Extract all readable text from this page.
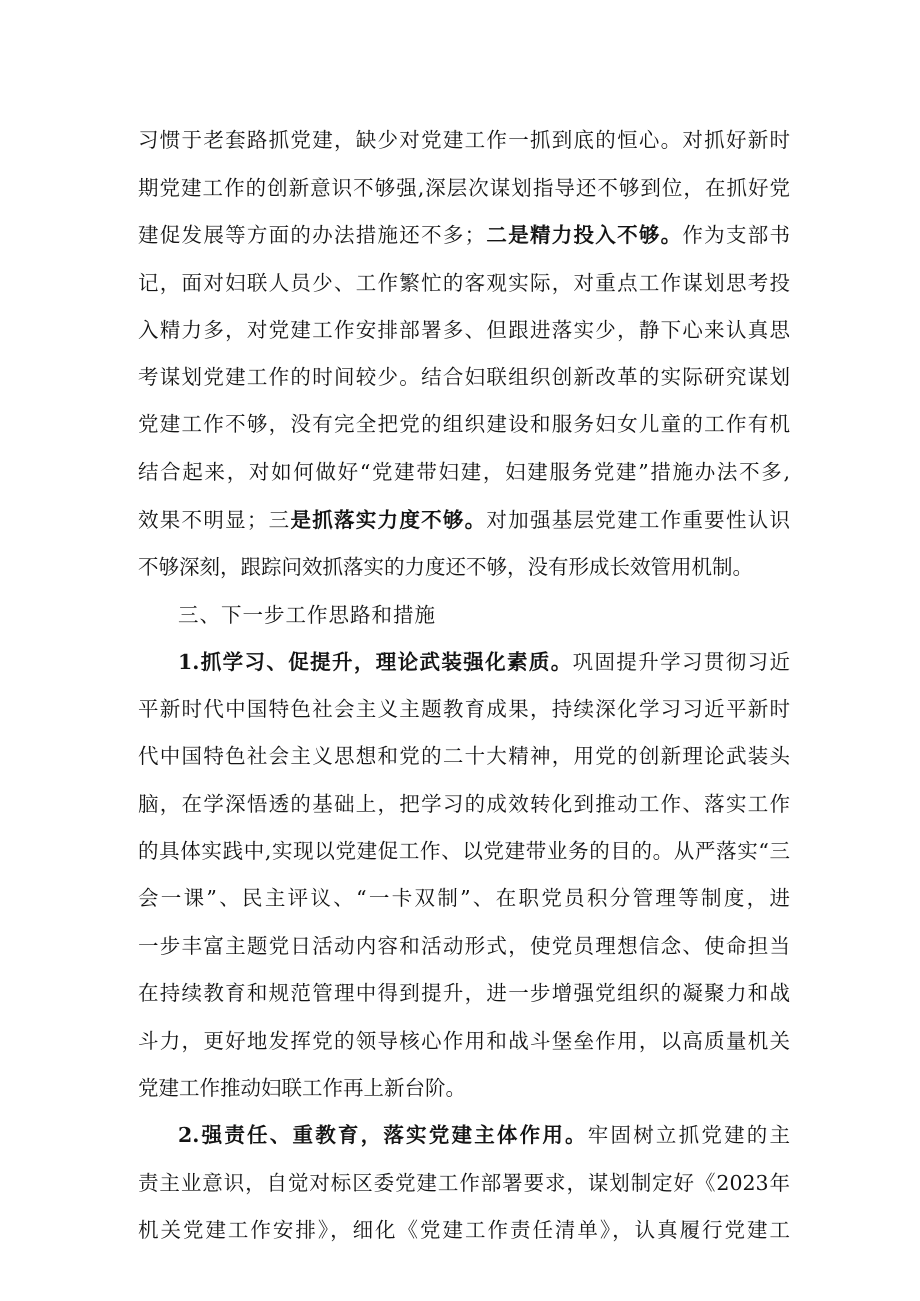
习惯于老套路抓党建，缺少对党建工作一抓到底的恒心。对抓好新时
期党建工作的创新意识不够强,深层次谋划指导还不够到位，在抓好党
建促发展等方面的办法措施还不多；二是精力投入不够。作为支部书
记，面对妇联人员少、工作繁忙的客观实际，对重点工作谋划思考投
入精力多，对党建工作安排部署多、但跟进落实少，静下心来认真思
考谋划党建工作的时间较少。结合妇联组织创新改革的实际研究谋划
党建工作不够，没有完全把党的组织建设和服务妇女儿童的工作有机
结合起来，对如何做好“党建带妇建，妇建服务党建”措施办法不多,
效果不明显；三是抓落实力度不够。对加强基层党建工作重要性认识
不够深刻，跟踪问效抓落实的力度还不够，没有形成长效管用机制。
三、下一步工作思路和措施
1.抓学习、促提升，理论武装强化素质。巩固提升学习贯彻习近
平新时代中国特色社会主义主题教育成果，持续深化学习习近平新时
代中国特色社会主义思想和党的二十大精神，用党的创新理论武装头
脑，在学深悟透的基础上，把学习的成效转化到推动工作、落实工作
的具体实践中,实现以党建促工作、以党建带业务的目的。从严落实“三
会一课”、民主评议、“一卡双制”、在职党员积分管理等制度，进
一步丰富主题党日活动内容和活动形式，使党员理想信念、使命担当
在持续教育和规范管理中得到提升，进一步增强党组织的凝聚力和战
斗力，更好地发挥党的领导核心作用和战斗堡垒作用，以高质量机关
党建工作推动妇联工作再上新台阶。
2.强责任、重教育，落实党建主体作用。牢固树立抓党建的主
责主业意识，自觉对标区委党建工作部署要求，谋划制定好《2023年
机关党建工作安排》，细化《党建工作责任清单》，认真履行党建工
